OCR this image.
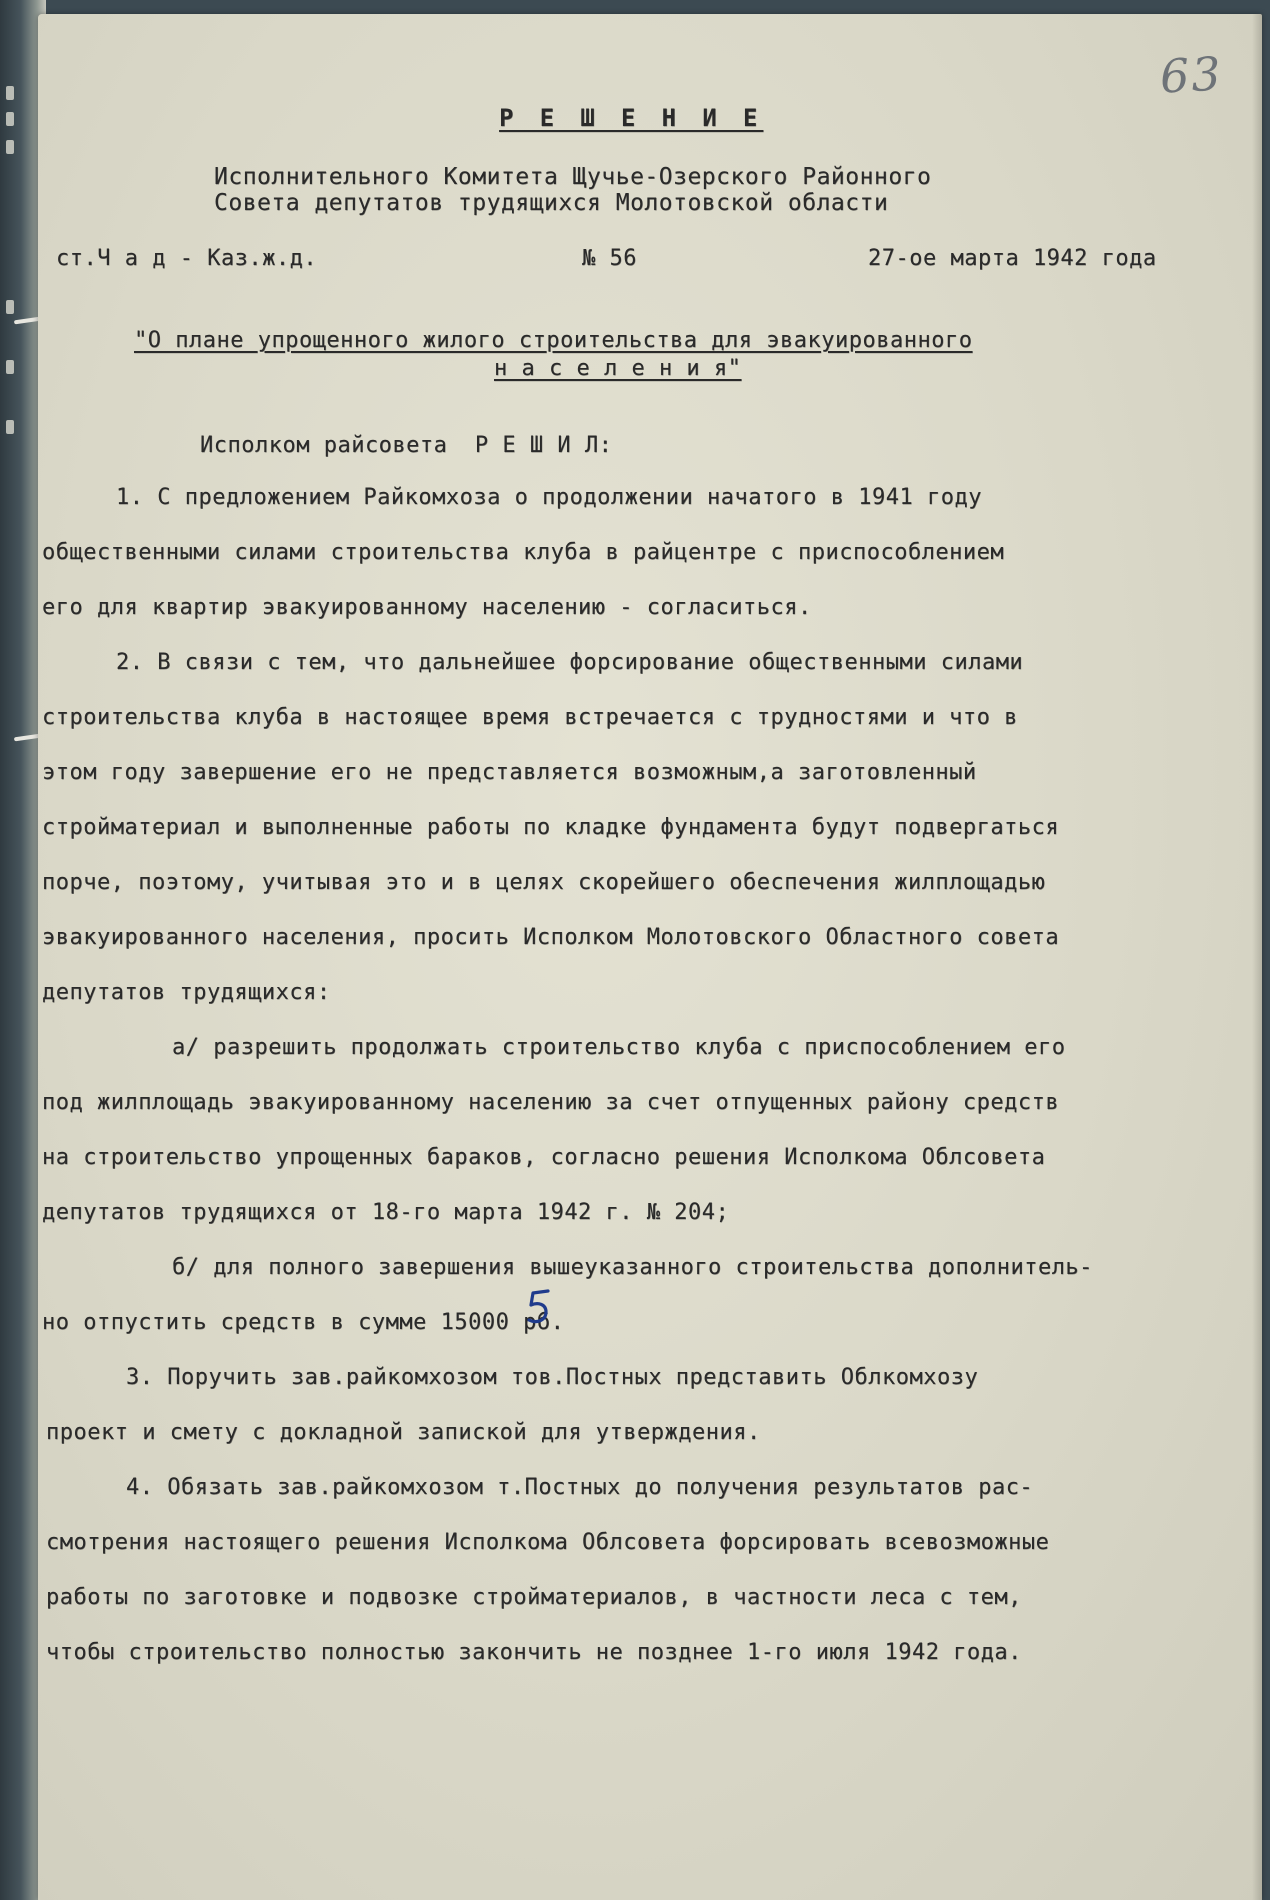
63
Р Е Ш Е Н И Е
Исполнительного Комитета Щучье-Озерского Районного
Совета депутатов трудящихся Молотовской области
ст.Ч а д - Каз.ж.д.	№ 56	27-ое марта 1942 года
"О плане упрощенного жилого строительства для эвакуированного
н а с е л е н и я"
Исполком райсовета  Р Е Ш И Л:
1. С предложением Райкомхоза о продолжении начатого в 1941 году
общественными силами строительства клуба в райцентре с приспособлением
его для квартир эвакуированному населению - согласиться.
2. В связи с тем, что дальнейшее форсирование общественными силами
строительства клуба в настоящее время встречается с трудностями и что в
этом году завершение его не представляется возможным,а заготовленный
стройматериал и выполненные работы по кладке фундамента будут подвергаться
порче, поэтому, учитывая это и в целях скорейшего обеспечения жилплощадью
эвакуированного населения, просить Исполком Молотовского Областного совета
депутатов трудящихся:
а/ разрешить продолжать строительство клуба с приспособлением его
под жилплощадь эвакуированному населению за счет отпущенных району средств
на строительство упрощенных бараков, согласно решения Исполкома Облсовета
депутатов трудящихся от 18-го марта 1942 г. № 204;
б/ для полного завершения вышеуказанного строительства дополнитель-
но отпустить средств в сумме 15000 рб.
3. Поручить зав.райкомхозом тов.Постных представить Облкомхозу
проект и смету с докладной запиской для утверждения.
4. Обязать зав.райкомхозом т.Постных до получения результатов рас-
смотрения настоящего решения Исполкома Облсовета форсировать всевозможные
работы по заготовке и подвозке стройматериалов, в частности леса с тем,
чтобы строительство полностью закончить не позднее 1-го июля 1942 года.
